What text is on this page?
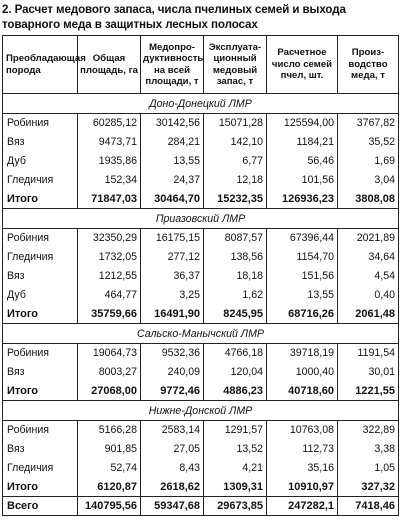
2. Расчет медового запаса, числа пчелиных семей и выхода товарного меда в защитных лесных полосах
Преобладающая порода	Общая площадь, га	Медопро-дуктивность на всей площади, т	Эксплуата-ционный медовый запас, т	Расчетное число семей пчел, шт.	Произ-водство меда, т
Доно-Донецкий ЛМР					
Робиния	60285,12	30142,56	15071,28	125594,00	3767,82
Вяз	9473,71	284,21	142,10	1184,21	35,52
Дуб	1935,86	13,55	6,77	56,46	1,69
Гледичия	152,34	24,37	12,18	101,56	3,04
Итого	71847,03	30464,70	15232,35	126936,23	3808,08
Приазовский ЛМР					
Робиния	32350,29	16175,15	8087,57	67396,44	2021,89
Гледичия	1732,05	277,12	138,56	1154,70	34,64
Вяз	1212,55	36,37	18,18	151,56	4,54
Дуб	464,77	3,25	1,62	13,55	0,40
Итого	35759,66	16491,90	8245,95	68716,26	2061,48
Сальско-Манычский ЛМР					
Робиния	19064,73	9532,36	4766,18	39718,19	1191,54
Вяз	8003,27	240,09	120,04	1000,40	30,01
Итого	27068,00	9772,46	4886,23	40718,60	1221,55
Нижне-Донской ЛМР					
Робиния	5166,28	2583,14	1291,57	10763,08	322,89
Вяз	901,85	27,05	13,52	112,73	3,38
Гледичия	52,74	8,43	4,21	35,16	1,05
Итого	6120,87	2618,62	1309,31	10910,97	327,32
Всего	140795,56	59347,68	29673,85	247282,1	7418,46
